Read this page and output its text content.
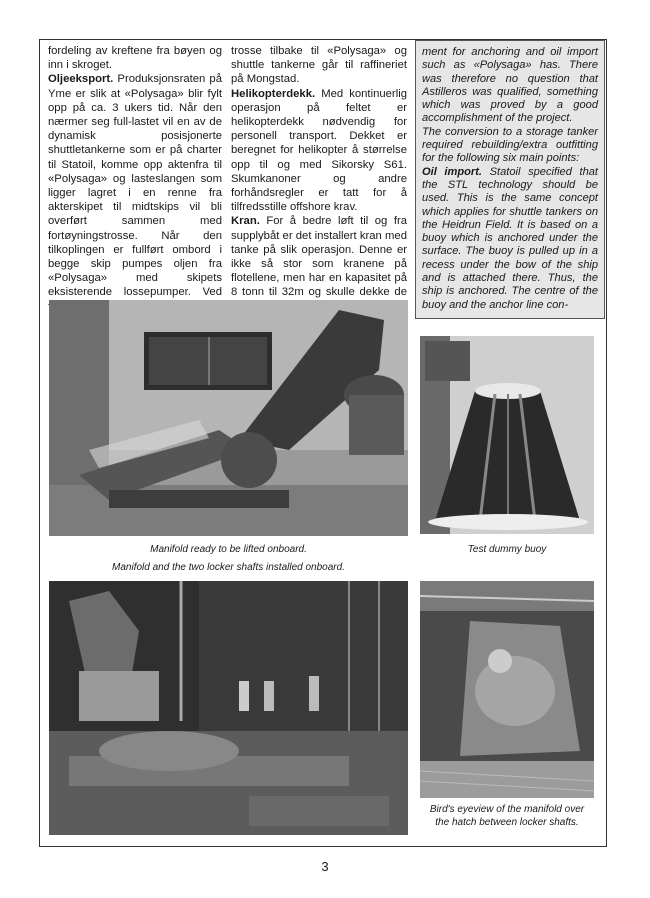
fordeling av kreftene fra bøyen og inn i skroget.

Oljeeksport. Produksjonsraten på Yme er slik at «Polysaga» blir fylt opp på ca. 3 ukers tid. Når den nærmer seg full-lastet vil en av de dynamisk posisjonerte shuttletankerne som er på charter til Statoil, komme opp aktenfra til «Polysaga» og lasteslangen som ligger lagret i en renne fra akterskipet til midtskips vil bli overført sammen med fortøyningstrosse. Når den tilkoplingen er fullført ombord i begge skip pumpes oljen fra «Polysaga» med skipets eksisterende lossepumper. Ved

trosse tilbake til «Polysaga» og shuttle tankerne går til raffineriet på Mongstad.

Helikopterdekk. Med kontinuerlig operasjon på feltet er helikopterdekk nødvendig for personell transport. Dekket er beregnet for helikopter å størrelse opp til og med Sikorsky S61. Skumkanoner og andre forhåndsregler er tatt for å tilfredsstille offshore krav.

Kran. For å bedre løft til og fra supplybåt er det installert kran med tanke på slik operasjon. Denne er ikke så stor som kranene på flotellene, men har en kapasitet på 8 tonn til 32m og skulle dekke de

ment for anchoring and oil import such as «Polysaga» has. There was therefore no question that Astilleros was qualified, something which was proved by a good accomplishment of the project.

The conversion to a storage tanker required rebuilding/extra outfitting for the following six main points:

Oil import. Statoil specified that the STL technology should be used. This is the same concept which applies for shuttle tankers on the Heidrun Field. It is based on a buoy which is anchored under the surface. The buoy is pulled up in a recess under the bow of the ship and is attached there. Thus, the ship is anchored. The centre of the buoy and the anchor line con-

Manifold ready to be lifted onboard.
Manifold and the two locker shafts installed onboard.
Test dummy buoy
Bird's eyeview of the manifold over
the hatch between locker shafts.
3
